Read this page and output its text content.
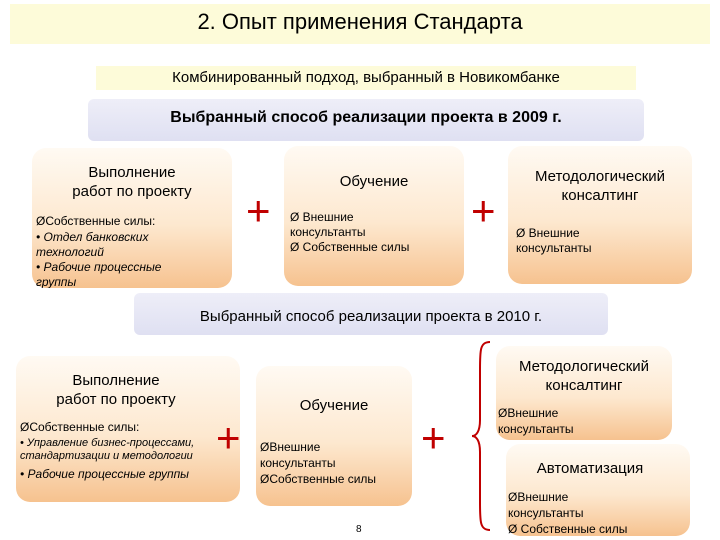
2. Опыт применения Стандарта
Комбинированный подход, выбранный в Новикомбанке
Выбранный способ реализации проекта в 2009 г.
Выполнение
работ по проекту
ØСобственные силы:
• Отдел банковских
технологий
• Рабочие процессные
группы
+
Обучение
Ø Внешние
консультанты
Ø Собственные силы
+
Методологический
консалтинг
Ø Внешние
консультанты
Выбранный способ реализации проекта в 2010 г.
Выполнение
работ по проекту
ØСобственные силы:
• Управление бизнес-процессами,
стандартизации и методологии
• Рабочие процессные группы
+
Обучение
ØВнешние
консультанты
ØСобственные силы
+
Методологический
консалтинг
ØВнешние
консультанты
Автоматизация
ØВнешние
консультанты
Ø Собственные силы
8
